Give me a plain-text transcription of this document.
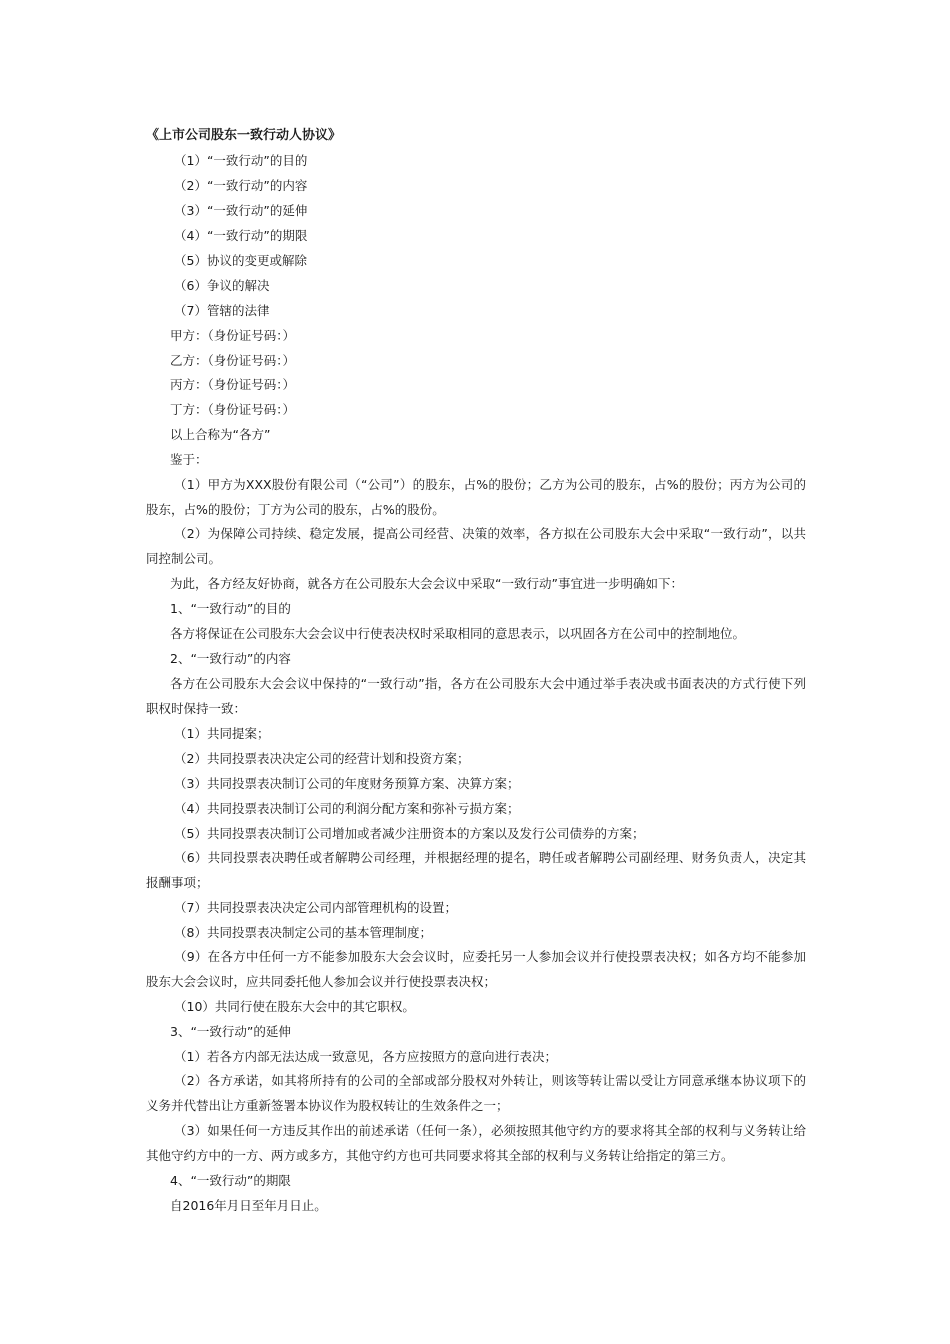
《上市公司股东一致行动人协议》
（1）“一致行动”的目的
（2）“一致行动”的内容
（3）“一致行动”的延伸
（4）“一致行动”的期限
（5）协议的变更或解除
（6）争议的解决
（7）管辖的法律
甲方：（身份证号码：）
乙方：（身份证号码：）
丙方：（身份证号码：）
丁方：（身份证号码：）
以上合称为“各方”
鉴于：
（1）甲方为XXX股份有限公司（“公司”）的股东，占%的股份；乙方为公司的股东，占%的股份；丙方为公司的股东，占%的股份；丁方为公司的股东，占%的股份。
（2）为保障公司持续、稳定发展，提高公司经营、决策的效率，各方拟在公司股东大会中采取“一致行动”，以共同控制公司。
为此，各方经友好协商，就各方在公司股东大会会议中采取“一致行动”事宜进一步明确如下：
1、“一致行动”的目的
各方将保证在公司股东大会会议中行使表决权时采取相同的意思表示，以巩固各方在公司中的控制地位。
2、“一致行动”的内容
各方在公司股东大会会议中保持的“一致行动”指，各方在公司股东大会中通过举手表决或书面表决的方式行使下列职权时保持一致：
（1）共同提案；
（2）共同投票表决决定公司的经营计划和投资方案；
（3）共同投票表决制订公司的年度财务预算方案、决算方案；
（4）共同投票表决制订公司的利润分配方案和弥补亏损方案；
（5）共同投票表决制订公司增加或者减少注册资本的方案以及发行公司债券的方案；
（6）共同投票表决聘任或者解聘公司经理，并根据经理的提名，聘任或者解聘公司副经理、财务负责人，决定其报酬事项；
（7）共同投票表决决定公司内部管理机构的设置；
（8）共同投票表决制定公司的基本管理制度；
（9）在各方中任何一方不能参加股东大会会议时，应委托另一人参加会议并行使投票表决权；如各方均不能参加股东大会会议时，应共同委托他人参加会议并行使投票表决权；
（10）共同行使在股东大会中的其它职权。
3、“一致行动”的延伸
（1）若各方内部无法达成一致意见，各方应按照方的意向进行表决；
（2）各方承诺，如其将所持有的公司的全部或部分股权对外转让，则该等转让需以受让方同意承继本协议项下的义务并代替出让方重新签署本协议作为股权转让的生效条件之一；
（3）如果任何一方违反其作出的前述承诺（任何一条），必须按照其他守约方的要求将其全部的权利与义务转让给其他守约方中的一方、两方或多方，其他守约方也可共同要求将其全部的权利与义务转让给指定的第三方。
4、“一致行动”的期限
自2016年月日至年月日止。
